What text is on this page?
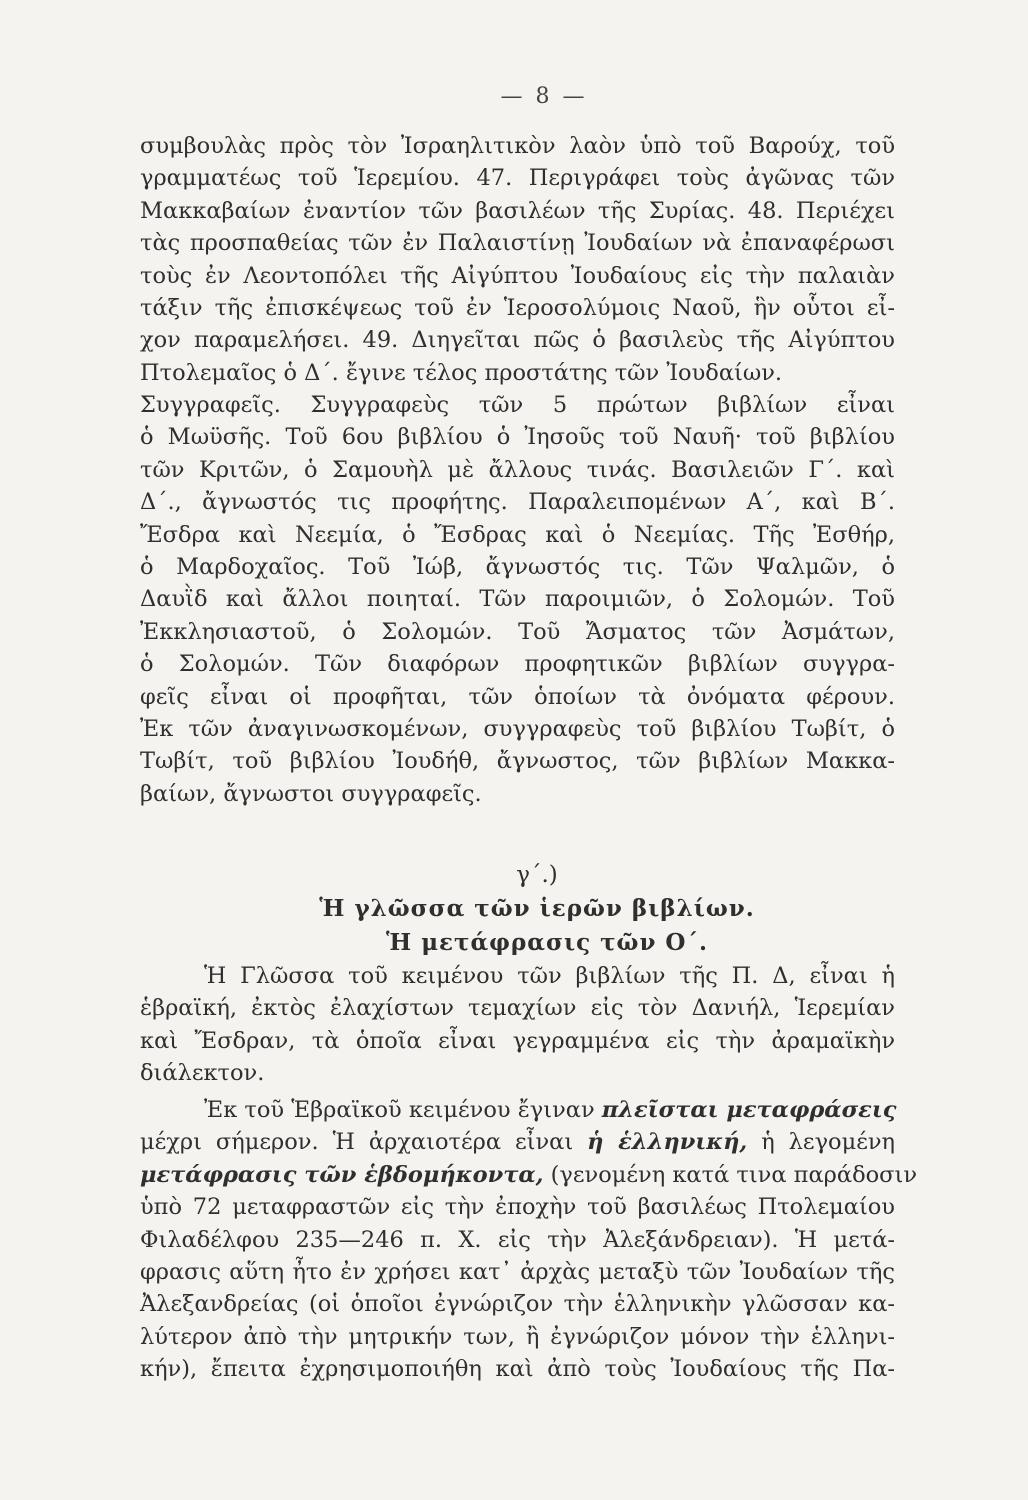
— 8 —
συμβουλὰς πρὸς τὸν Ἰσραηλιτικὸν λαὸν ὑπὸ τοῦ Βαρούχ, τοῦ
γραμματέως τοῦ Ἱερεμίου. 47. Περιγράφει τοὺς ἀγῶνας τῶν
Μακκαβαίων ἐναντίον τῶν βασιλέων τῆς Συρίας. 48. Περιέχει
τὰς προσπαθείας τῶν ἐν Παλαιστίνῃ Ἰουδαίων νὰ ἐπαναφέρωσι
τοὺς ἐν Λεοντοπόλει τῆς Αἰγύπτου Ἰουδαίους εἰς τὴν παλαιὰν
τάξιν τῆς ἐπισκέψεως τοῦ ἐν Ἱεροσολύμοις Ναοῦ, ἣν οὗτοι εἶ-
χον παραμελήσει. 49. Διηγεῖται πῶς ὁ βασιλεὺς τῆς Αἰγύπτου
Πτολεμαῖος ὁ Δ΄. ἔγινε τέλος προστάτης τῶν Ἰουδαίων.
Συγγραφεῖς. Συγγραφεὺς τῶν 5 πρώτων βιβλίων εἶναι
ὁ Μωϋσῆς. Τοῦ 6ου βιβλίου ὁ Ἰησοῦς τοῦ Ναυῆ· τοῦ βιβλίου
τῶν Κριτῶν, ὁ Σαμουὴλ μὲ ἄλλους τινάς. Βασιλειῶν Γ΄. καὶ
Δ΄., ἄγνωστός τις προφήτης. Παραλειπομένων Α΄, καὶ Β΄.
Ἔσδρα καὶ Νεεμία, ὁ Ἔσδρας καὶ ὁ Νεεμίας. Τῆς Ἐσθήρ,
ὁ Μαρδοχαῖος. Τοῦ Ἰώβ, ἄγνωστός τις. Τῶν Ψαλμῶν, ὁ
Δαυῒδ καὶ ἄλλοι ποιηταί. Τῶν παροιμιῶν, ὁ Σολομών. Τοῦ
Ἐκκλησιαστοῦ, ὁ Σολομών. Τοῦ Ἄσματος τῶν Ἀσμάτων,
ὁ Σολομών. Τῶν διαφόρων προφητικῶν βιβλίων συγγρα-
φεῖς εἶναι οἱ προφῆται, τῶν ὁποίων τὰ ὀνόματα φέρουν.
Ἐκ τῶν ἀναγινωσκομένων, συγγραφεὺς τοῦ βιβλίου Τωβίτ, ὁ
Τωβίτ, τοῦ βιβλίου Ἰουδήθ, ἄγνωστος, τῶν βιβλίων Μακκα-
βαίων, ἄγνωστοι συγγραφεῖς.
γ΄.)
Ἡ γλῶσσα τῶν ἱερῶν βιβλίων.
Ἡ μετάφρασις τῶν Ο΄.
Ἡ Γλῶσσα τοῦ κειμένου τῶν βιβλίων τῆς Π. Δ, εἶναι ἡ
ἑβραϊκή, ἐκτὸς ἐλαχίστων τεμαχίων εἰς τὸν Δανιήλ, Ἱερεμίαν
καὶ Ἔσδραν, τὰ ὁποῖα εἶναι γεγραμμένα εἰς τὴν ἀραμαϊκὴν
διάλεκτον.
Ἐκ τοῦ Ἑβραϊκοῦ κειμένου ἔγιναν πλεῖσται μεταφράσεις
μέχρι σήμερον. Ἡ ἀρχαιοτέρα εἶναι ἡ ἑλληνική, ἡ λεγομένη
μετάφρασις τῶν ἑβδομήκοντα, (γενομένη κατά τινα παράδοσιν
ὑπὸ 72 μεταφραστῶν εἰς τὴν ἐποχὴν τοῦ βασιλέως Πτολεμαίου
Φιλαδέλφου 235—246 π. Χ. εἰς τὴν Ἀλεξάνδρειαν). Ἡ μετά-
φρασις αὕτη ἦτο ἐν χρήσει κατ᾽ ἀρχὰς μεταξὺ τῶν Ἰουδαίων τῆς
Ἀλεξανδρείας (οἱ ὁποῖοι ἐγνώριζον τὴν ἑλληνικὴν γλῶσσαν κα-
λύτερον ἀπὸ τὴν μητρικήν των, ἢ ἐγνώριζον μόνον τὴν ἑλληνι-
κήν), ἔπειτα ἐχρησιμοποιήθη καὶ ἀπὸ τοὺς Ἰουδαίους τῆς Πα-
